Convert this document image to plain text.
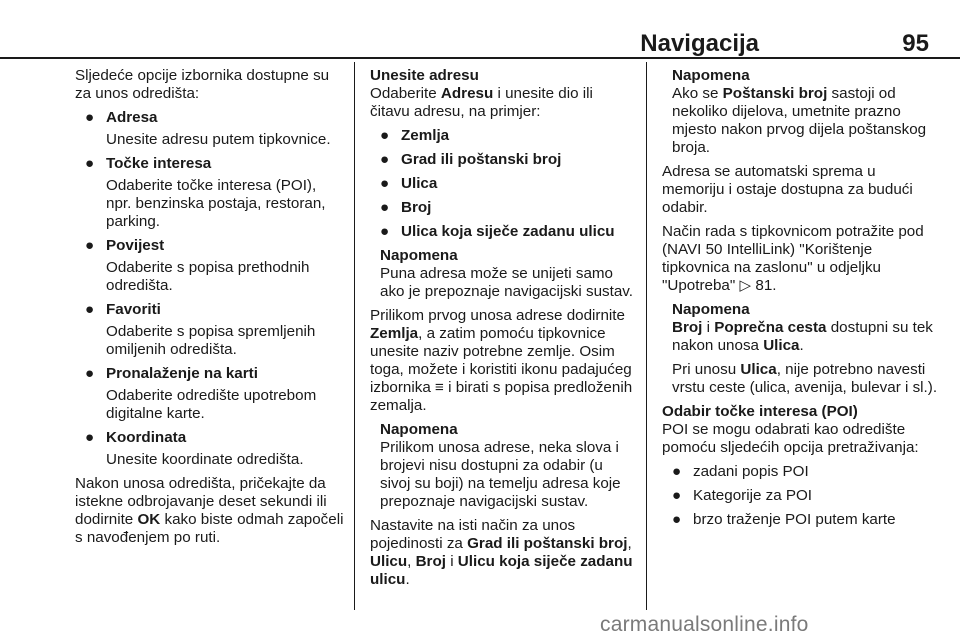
Navigacija	95

Sljedeće opcije izbornika dostupne su za unos odredišta:

● Adresa
Unesite adresu putem tipkovnice.
● Točke interesa
Odaberite točke interesa (POI), npr. benzinska postaja, restoran, parking.
● Povijest
Odaberite s popisa prethodnih odredišta.
● Favoriti
Odaberite s popisa spremljenih omiljenih odredišta.
● Pronalaženje na karti
Odaberite odredište upotrebom digitalne karte.
● Koordinata
Unesite koordinate odredišta.

Nakon unosa odredišta, pričekajte da istekne odbrojavanje deset sekundi ili dodirnite OK kako biste odmah započeli s navođenjem po ruti.

Unesite adresu

Odaberite Adresu i unesite dio ili čitavu adresu, na primjer:

● Zemlja
● Grad ili poštanski broj
● Ulica
● Broj
● Ulica koja siječe zadanu ulicu
Napomena

Puna adresa može se unijeti samo ako je prepoznaje navigacijski sustav.

Prilikom prvog unosa adrese dodirnite Zemlja, a zatim pomoću tipkovnice unesite naziv potrebne zemlje. Osim toga, možete i koristiti ikonu padajućeg izbornika ≡ i birati s popisa predloženih zemalja.

Napomena

Prilikom unosa adrese, neka slova i brojevi nisu dostupni za odabir (u sivoj su boji) na temelju adresa koje prepoznaje navigacijski sustav.

Nastavite na isti način za unos pojedinosti za Grad ili poštanski broj, Ulicu, Broj i Ulicu koja siječe zadanu ulicu.

Napomena

Ako se Poštanski broj sastoji od nekoliko dijelova, umetnite prazno mjesto nakon prvog dijela poštanskog broja.

Adresa se automatski sprema u memoriju i ostaje dostupna za budući odabir.

Način rada s tipkovnicom potražite pod (NAVI 50 IntelliLink) "Korištenje tipkovnica na zaslonu" u odjeljku "Upotreba" ▷ 81.

Napomena

Broj i Poprečna cesta dostupni su tek nakon unosa Ulica.

Pri unosu Ulica, nije potrebno navesti vrstu ceste (ulica, avenija, bulevar i sl.).

Odabir točke interesa (POI)

POI se mogu odabrati kao odredište pomoću sljedećih opcija pretraživanja:

● zadani popis POI
● Kategorije za POI
● brzo traženje POI putem karte
carmanualsonline.info
